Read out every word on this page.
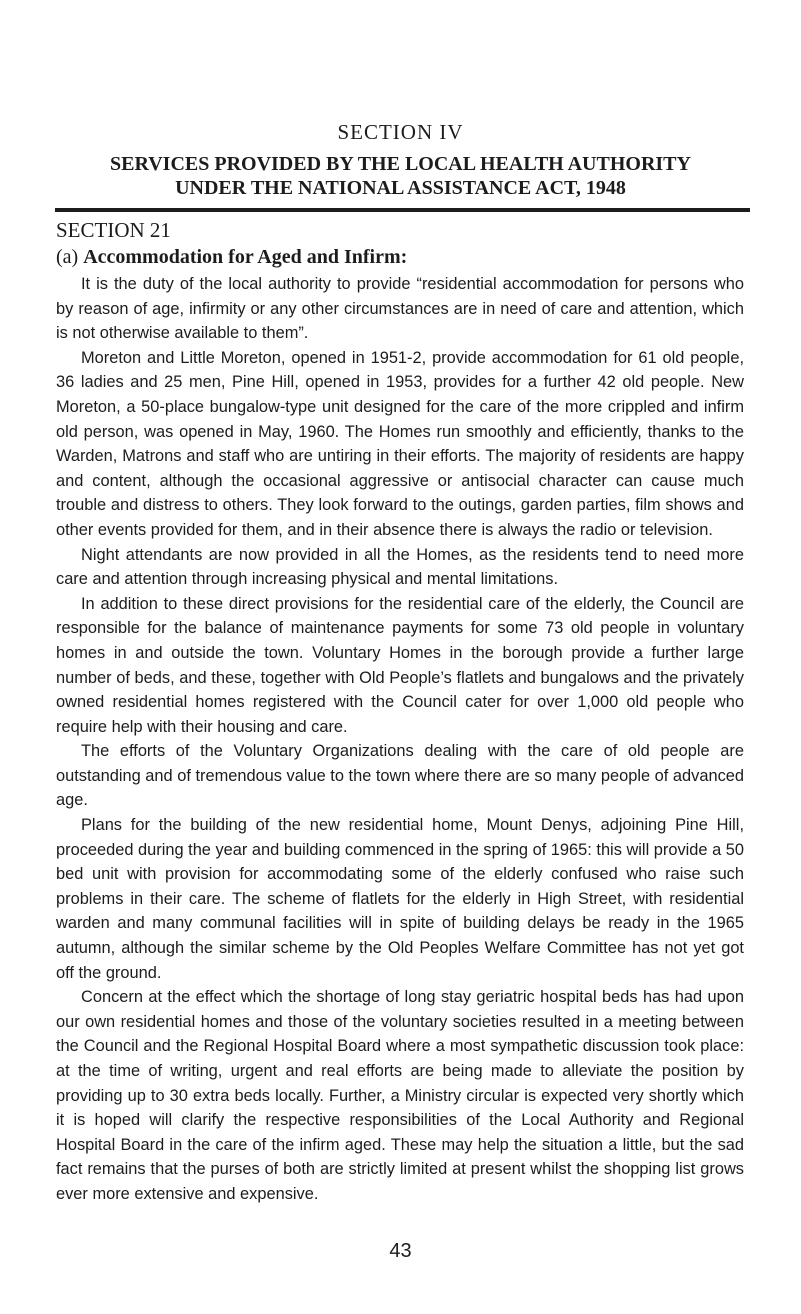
SECTION IV
SERVICES PROVIDED BY THE LOCAL HEALTH AUTHORITY
UNDER THE NATIONAL ASSISTANCE ACT, 1948
SECTION 21
(a) Accommodation for Aged and Infirm:

It is the duty of the local authority to provide “residential accommodation for persons who by reason of age, infirmity or any other circumstances are in need of care and attention, which is not otherwise available to them”.

Moreton and Little Moreton, opened in 1951-2, provide accommodation for 61 old people, 36 ladies and 25 men, Pine Hill, opened in 1953, provides for a further 42 old people. New Moreton, a 50-place bungalow-type unit designed for the care of the more crippled and infirm old person, was opened in May, 1960. The Homes run smoothly and efficiently, thanks to the Warden, Matrons and staff who are untiring in their efforts. The majority of residents are happy and content, although the occasional aggressive or antisocial character can cause much trouble and distress to others. They look forward to the outings, garden parties, film shows and other events provided for them, and in their absence there is always the radio or television.

Night attendants are now provided in all the Homes, as the residents tend to need more care and attention through increasing physical and mental limitations.

In addition to these direct provisions for the residential care of the elderly, the Council are responsible for the balance of maintenance payments for some 73 old people in voluntary homes in and outside the town. Voluntary Homes in the borough provide a further large number of beds, and these, together with Old People’s flatlets and bungalows and the privately owned residential homes registered with the Council cater for over 1,000 old people who require help with their housing and care.

The efforts of the Voluntary Organizations dealing with the care of old people are outstanding and of tremendous value to the town where there are so many people of advanced age.

Plans for the building of the new residential home, Mount Denys, adjoining Pine Hill, proceeded during the year and building commenced in the spring of 1965: this will provide a 50 bed unit with provision for accommodating some of the elderly confused who raise such problems in their care. The scheme of flatlets for the elderly in High Street, with residential warden and many communal facilities will in spite of building delays be ready in the 1965 autumn, although the similar scheme by the Old Peoples Welfare Committee has not yet got off the ground.

Concern at the effect which the shortage of long stay geriatric hospital beds has had upon our own residential homes and those of the voluntary societies resulted in a meeting between the Council and the Regional Hospital Board where a most sympathetic discussion took place: at the time of writing, urgent and real efforts are being made to alleviate the position by providing up to 30 extra beds locally. Further, a Ministry circular is expected very shortly which it is hoped will clarify the respective responsibilities of the Local Authority and Regional Hospital Board in the care of the infirm aged. These may help the situation a little, but the sad fact remains that the purses of both are strictly limited at present whilst the shopping list grows ever more extensive and expensive.

43
